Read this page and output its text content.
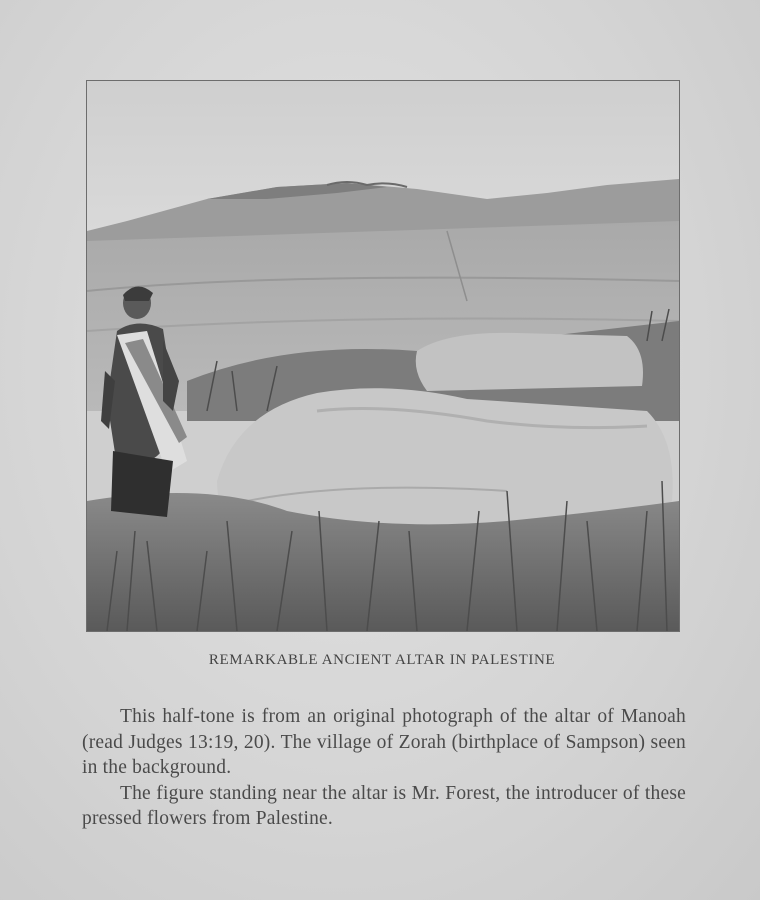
REMARKABLE ANCIENT ALTAR IN PALESTINE

This half-tone is from an original photograph of the altar of Manoah (read Judges 13:19, 20). The village of Zorah (birthplace of Sampson) seen in the background.

The figure standing near the altar is Mr. Forest, the introducer of these pressed flowers from Palestine.
